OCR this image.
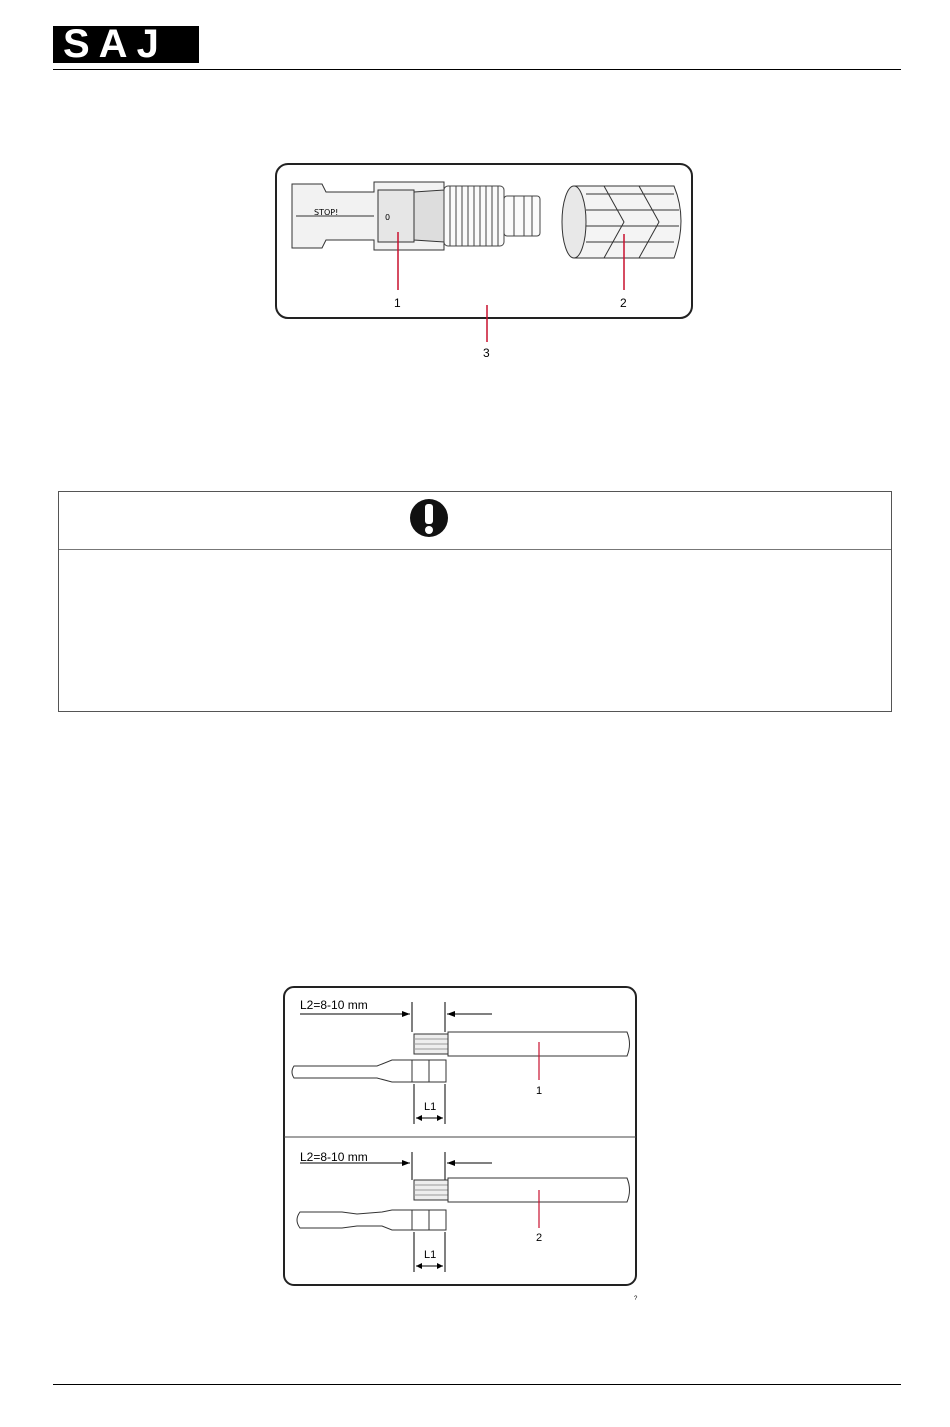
SAJ
STOP!
0
1	2
3
L2=8-10 mm
L1
1
L2=8-10 mm
L1
2
?
